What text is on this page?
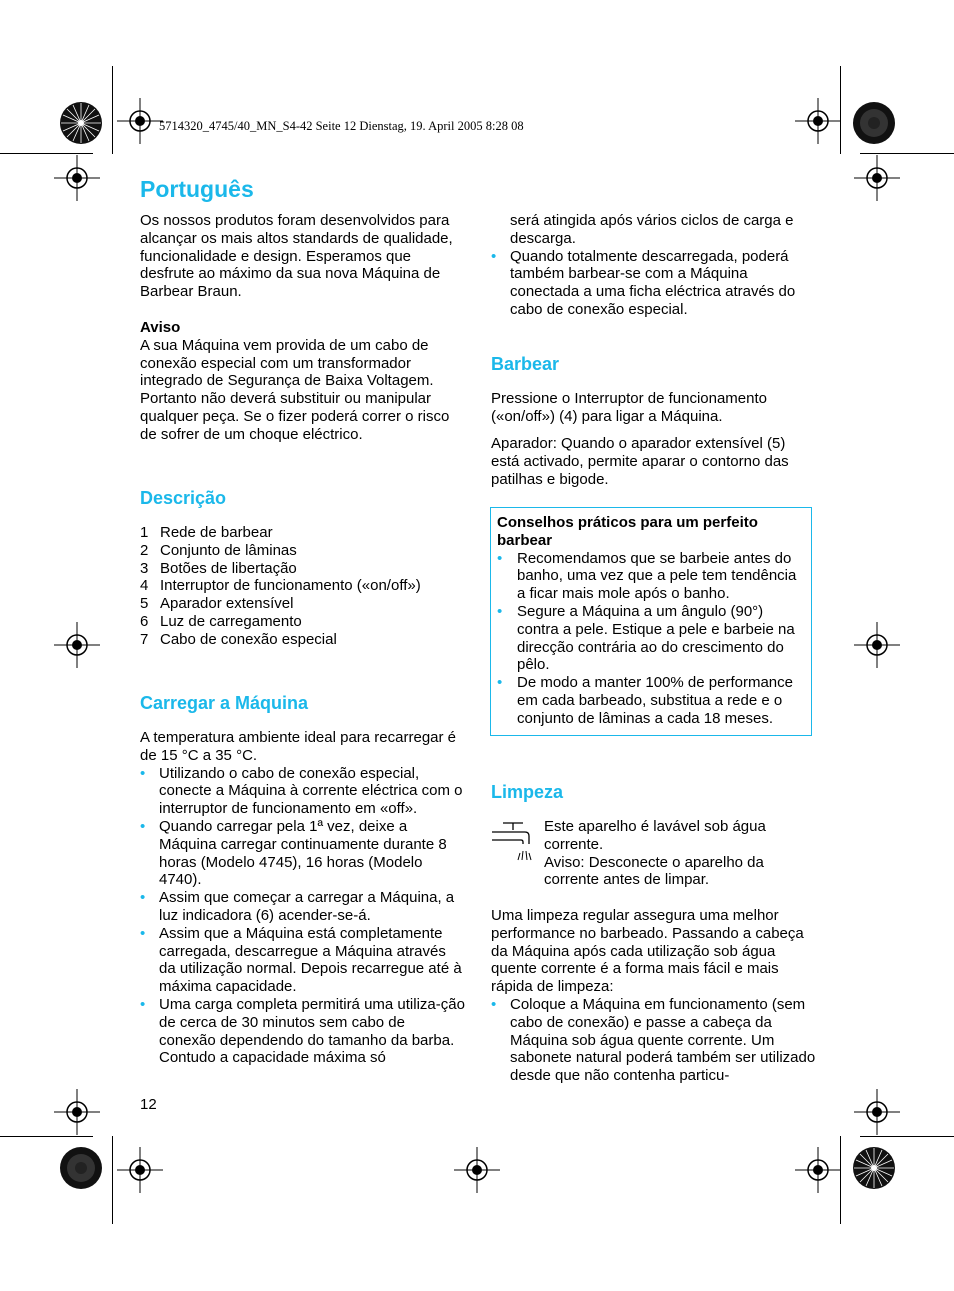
5714320_4745/40_MN_S4-42 Seite 12 Dienstag, 19. April 2005 8:28 08
Português

Os nossos produtos foram desenvolvidos para alcançar os mais altos standards de qualidade, funcionalidade e design. Esperamos que desfrute ao máximo da sua nova Máquina de Barbear Braun.

Aviso

A sua Máquina vem provida de um cabo de conexão especial com um transformador integrado de Segurança de Baixa Voltagem. Portanto não deverá substituir ou manipular qualquer peça. Se o fizer poderá correr o risco de sofrer de um choque eléctrico.

Descrição
1 Rede de barbear
2 Conjunto de lâminas
3 Botões de libertação
4 Interruptor de funcionamento («on/off»)
5 Aparador extensível
6 Luz de carregamento
7 Cabo de conexão especial
Carregar a Máquina

A temperatura ambiente ideal para recarregar é de 15 °C a 35 °C.

• Utilizando o cabo de conexão especial, conecte a Máquina à corrente eléctrica com o interruptor de funcionamento em «off».
• Quando carregar pela 1ª vez, deixe a Máquina carregar continuamente durante 8 horas (Modelo 4745), 16 horas (Modelo 4740).
• Assim que começar a carregar a Máquina, a luz indicadora (6) acender-se-á.
• Assim que a Máquina está completamente carregada, descarregue a Máquina através da utilização normal. Depois recarregue até à máxima capacidade.
• Uma carga completa permitirá uma utiliza-ção de cerca de 30 minutos sem cabo de conexão dependendo do tamanho da barba. Contudo a capacidade máxima só
12
será atingida após vários ciclos de carga e descarga.
• Quando totalmente descarregada, poderá também barbear-se com a Máquina conectada a uma ficha eléctrica através do cabo de conexão especial.
Barbear

Pressione o Interruptor de funcionamento («on/off») (4) para ligar a Máquina.

Aparador: Quando o aparador extensível (5) está activado, permite aparar o contorno das patilhas e bigode.

Conselhos práticos para um perfeito barbear

• Recomendamos que se barbeie antes do banho, uma vez que a pele tem tendência a ficar mais mole após o banho.
• Segure a Máquina a um ângulo (90°) contra a pele. Estique a pele e barbeie na direcção contrária ao do crescimento do pêlo.
• De modo a manter 100% de performance em cada barbeado, substitua a rede e o conjunto de lâminas a cada 18 meses.
Limpeza

Este aparelho é lavável sob água corrente.

Aviso: Desconecte o aparelho da corrente antes de limpar.

Uma limpeza regular assegura uma melhor performance no barbeado. Passando a cabeça da Máquina após cada utilização sob água quente corrente é a forma mais fácil e mais rápida de limpeza:

• Coloque a Máquina em funcionamento (sem cabo de conexão) e passe a cabeça da Máquina sob água quente corrente. Um sabonete natural poderá também ser utilizado desde que não contenha particu-
